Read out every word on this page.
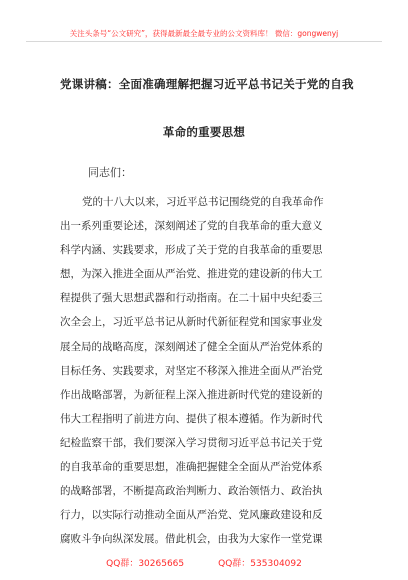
关注头条号“公文研究”，获得最新最全最专业的公文资料库！ 微信：gongwenyj
党课讲稿：全面准确理解把握习近平总书记关于党的自我
革命的重要思想
同志们：
党的十八大以来，习近平总书记围绕党的自我革命作
出一系列重要论述，深刻阐述了党的自我革命的重大意义
科学内涵、实践要求，形成了关于党的自我革命的重要思
想，为深入推进全面从严治党、推进党的建设新的伟大工
程提供了强大思想武器和行动指南。在二十届中央纪委三
次全会上，习近平总书记从新时代新征程党和国家事业发
展全局的战略高度，深刻阐述了健全全面从严治党体系的
目标任务、实践要求，对坚定不移深入推进全面从严治党
作出战略部署，为新征程上深入推进新时代党的建设新的
伟大工程指明了前进方向、提供了根本遵循。作为新时代
纪检监察干部，我们要深入学习贯彻习近平总书记关于党
的自我革命的重要思想，准确把握健全全面从严治党体系
的战略部署，不断提高政治判断力、政治领悟力、政治执
行力，以实际行动推动全面从严治党、党风廉政建设和反
腐败斗争向纵深发展。借此机会，由我为大家作一堂党课
QQ群：30265665	QQ群：535304092
